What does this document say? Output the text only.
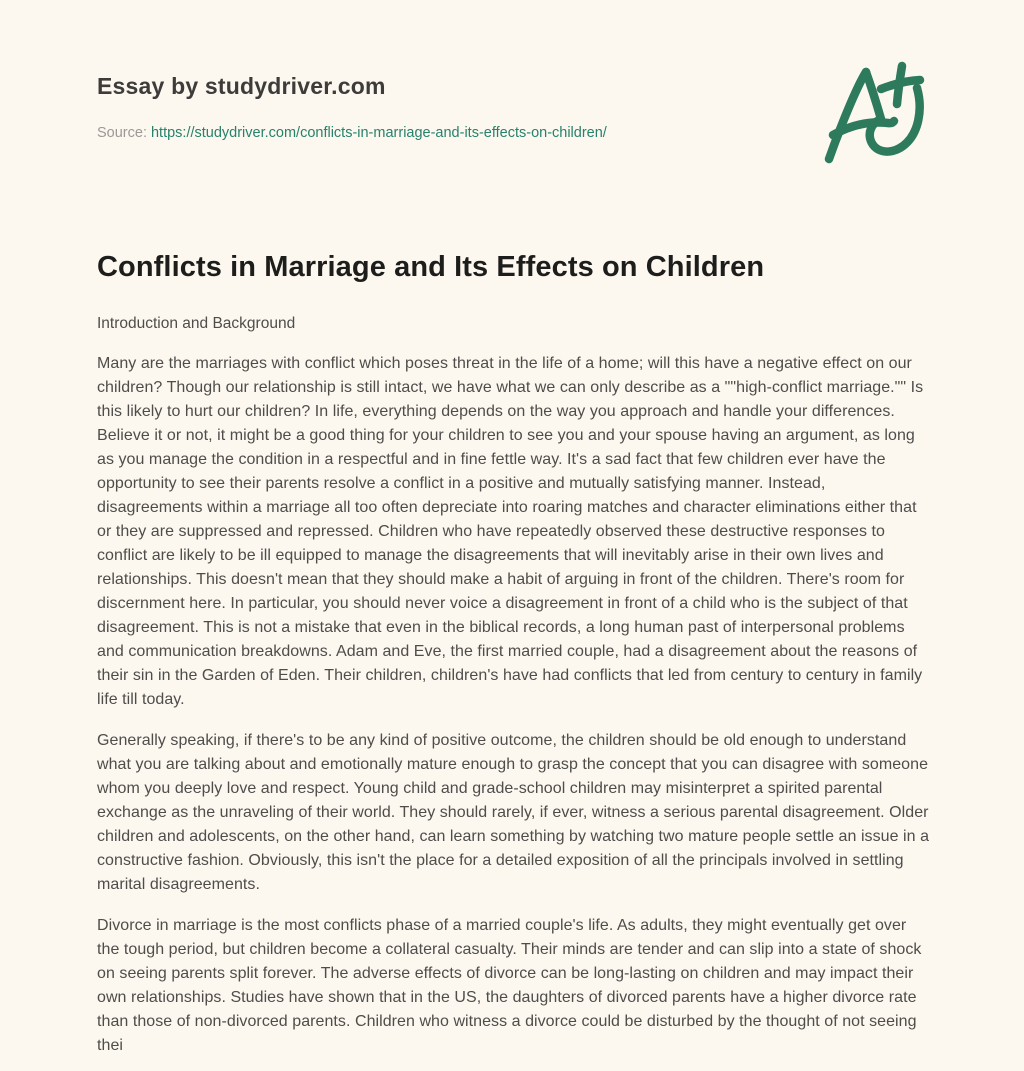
Essay by studydriver.com
Source: https://studydriver.com/conflicts-in-marriage-and-its-effects-on-children/
Conflicts in Marriage and Its Effects on Children
Introduction and Background

Many are the marriages with conflict which poses threat in the life of a home; will this have a negative effect on our children? Though our relationship is still intact, we have what we can only describe as a ""high-conflict marriage."" Is this likely to hurt our children? In life, everything depends on the way you approach and handle your differences. Believe it or not, it might be a good thing for your children to see you and your spouse having an argument, as long as you manage the condition in a respectful and in fine fettle way. It's a sad fact that few children ever have the opportunity to see their parents resolve a conflict in a positive and mutually satisfying manner. Instead, disagreements within a marriage all too often depreciate into roaring matches and character eliminations either that or they are suppressed and repressed. Children who have repeatedly observed these destructive responses to conflict are likely to be ill equipped to manage the disagreements that will inevitably arise in their own lives and relationships. This doesn't mean that they should make a habit of arguing in front of the children. There's room for discernment here. In particular, you should never voice a disagreement in front of a child who is the subject of that disagreement. This is not a mistake that even in the biblical records, a long human past of interpersonal problems and communication breakdowns. Adam and Eve, the first married couple, had a disagreement about the reasons of their sin in the Garden of Eden. Their children, children's have had conflicts that led from century to century in family life till today.

Generally speaking, if there's to be any kind of positive outcome, the children should be old enough to understand what you are talking about and emotionally mature enough to grasp the concept that you can disagree with someone whom you deeply love and respect. Young child and grade-school children may misinterpret a spirited parental exchange as the unraveling of their world. They should rarely, if ever, witness a serious parental disagreement. Older children and adolescents, on the other hand, can learn something by watching two mature people settle an issue in a constructive fashion. Obviously, this isn't the place for a detailed exposition of all the principals involved in settling marital disagreements.

Divorce in marriage is the most conflicts phase of a married couple's life. As adults, they might eventually get over the tough period, but children become a collateral casualty. Their minds are tender and can slip into a state of shock on seeing parents split forever. The adverse effects of divorce can be long-lasting on children and may impact their own relationships. Studies have shown that in the US, the daughters of divorced parents have a higher divorce rate than those of non-divorced parents. Children who witness a divorce could be disturbed by the thought of not seeing thei
